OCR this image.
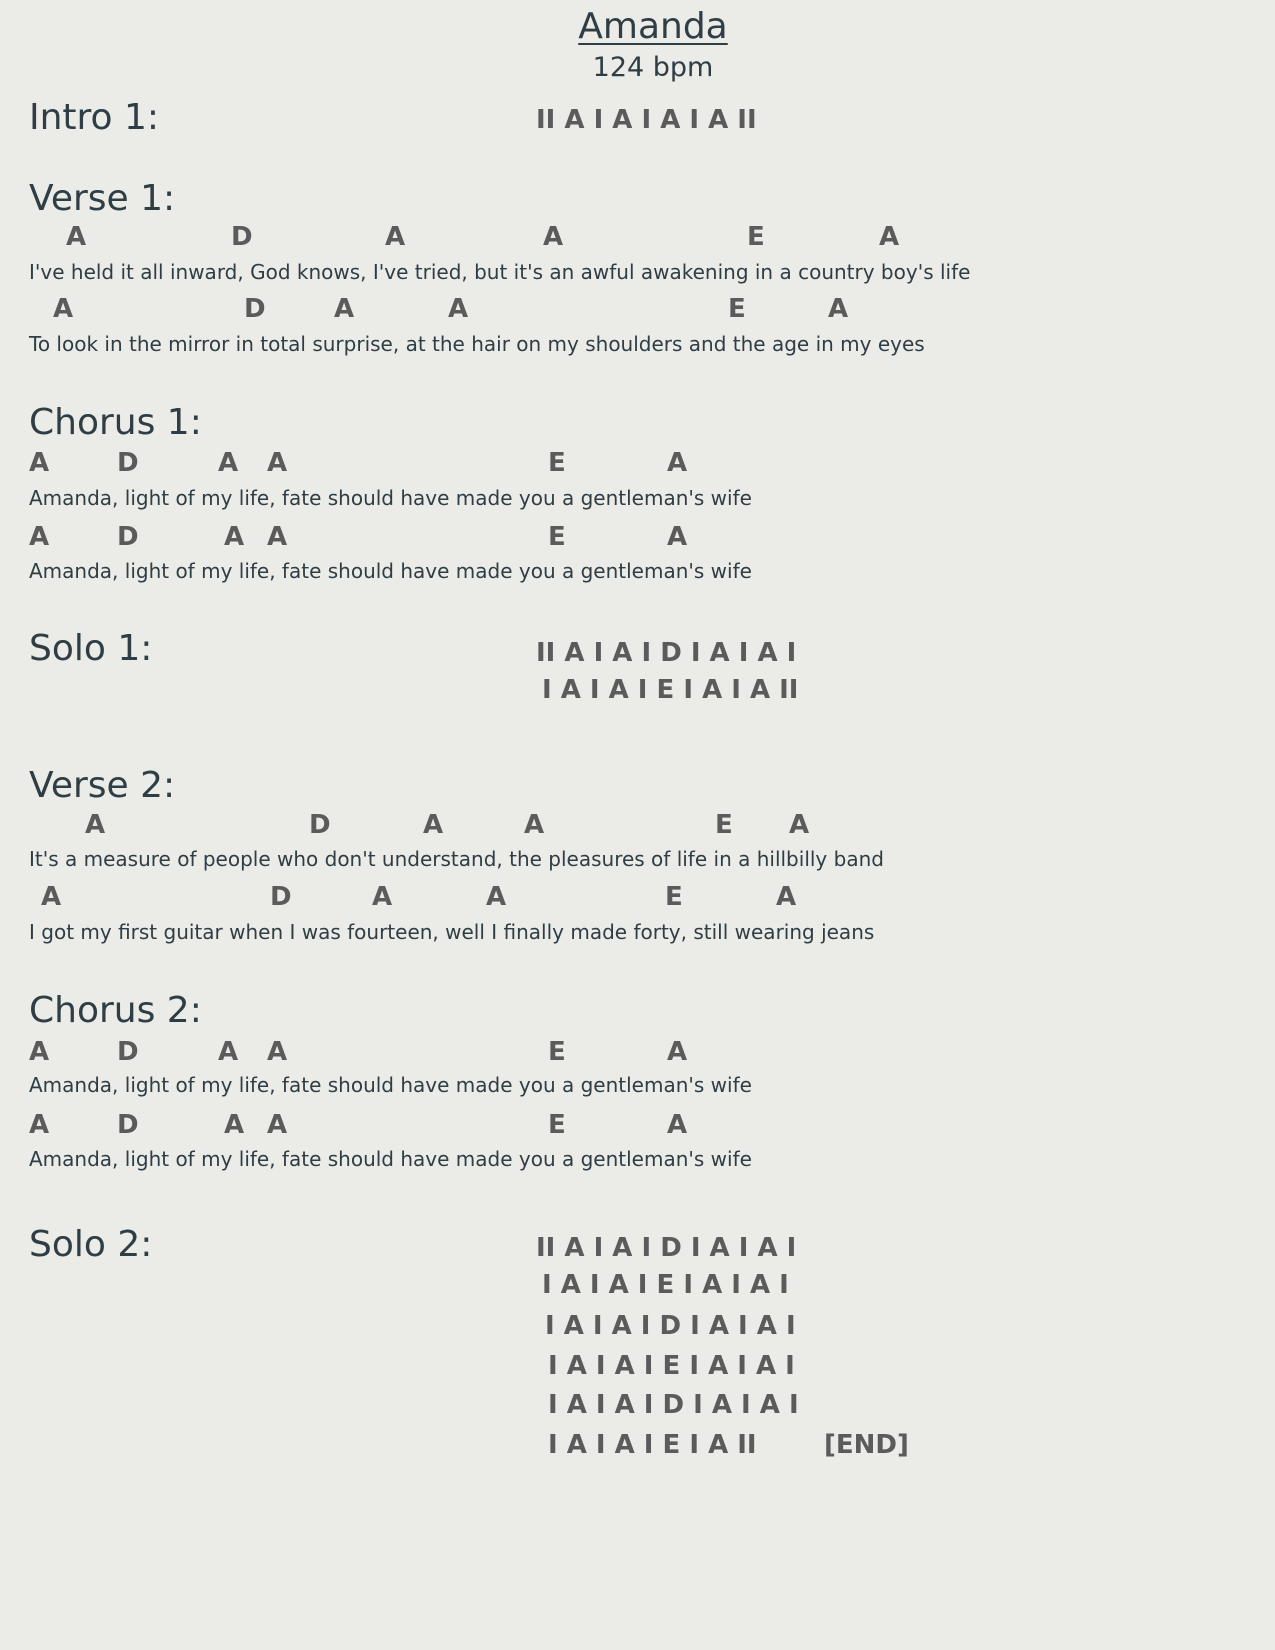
Amanda
124 bpm
Intro 1:	II A I A I A I A II
Verse 1:
A	D	A	A	E	A
I've held it all inward, God knows, I've tried, but it's an awful awakening in a country boy's life
A	D	A	A	E	A
To look in the mirror in total surprise, at the hair on my shoulders and the age in my eyes
Chorus 1:
A	D	A A	E	A
Amanda, light of my life, fate should have made you a gentleman's wife
A	D	A A	E	A
Amanda, light of my life, fate should have made you a gentleman's wife
Solo 1:	II A I A I D I A I A I
I A I A I E I A I A II
Verse 2:
A	D	A	A	E A
It's a measure of people who don't understand, the pleasures of life in a hillbilly band
A	D	A	A	E	A
I got my first guitar when I was fourteen, well I finally made forty, still wearing jeans
Chorus 2:
A	D	A A	E	A
Amanda, light of my life, fate should have made you a gentleman's wife
A	D	A A	E	A
Amanda, light of my life, fate should have made you a gentleman's wife
Solo 2:	II A I A I D I A I A I
I A I A I E I A I A I
I A I A I D I A I A I
I A I A I E I A I A I
I A I A I D I A I A I
I A I A I E I A II	[END]
